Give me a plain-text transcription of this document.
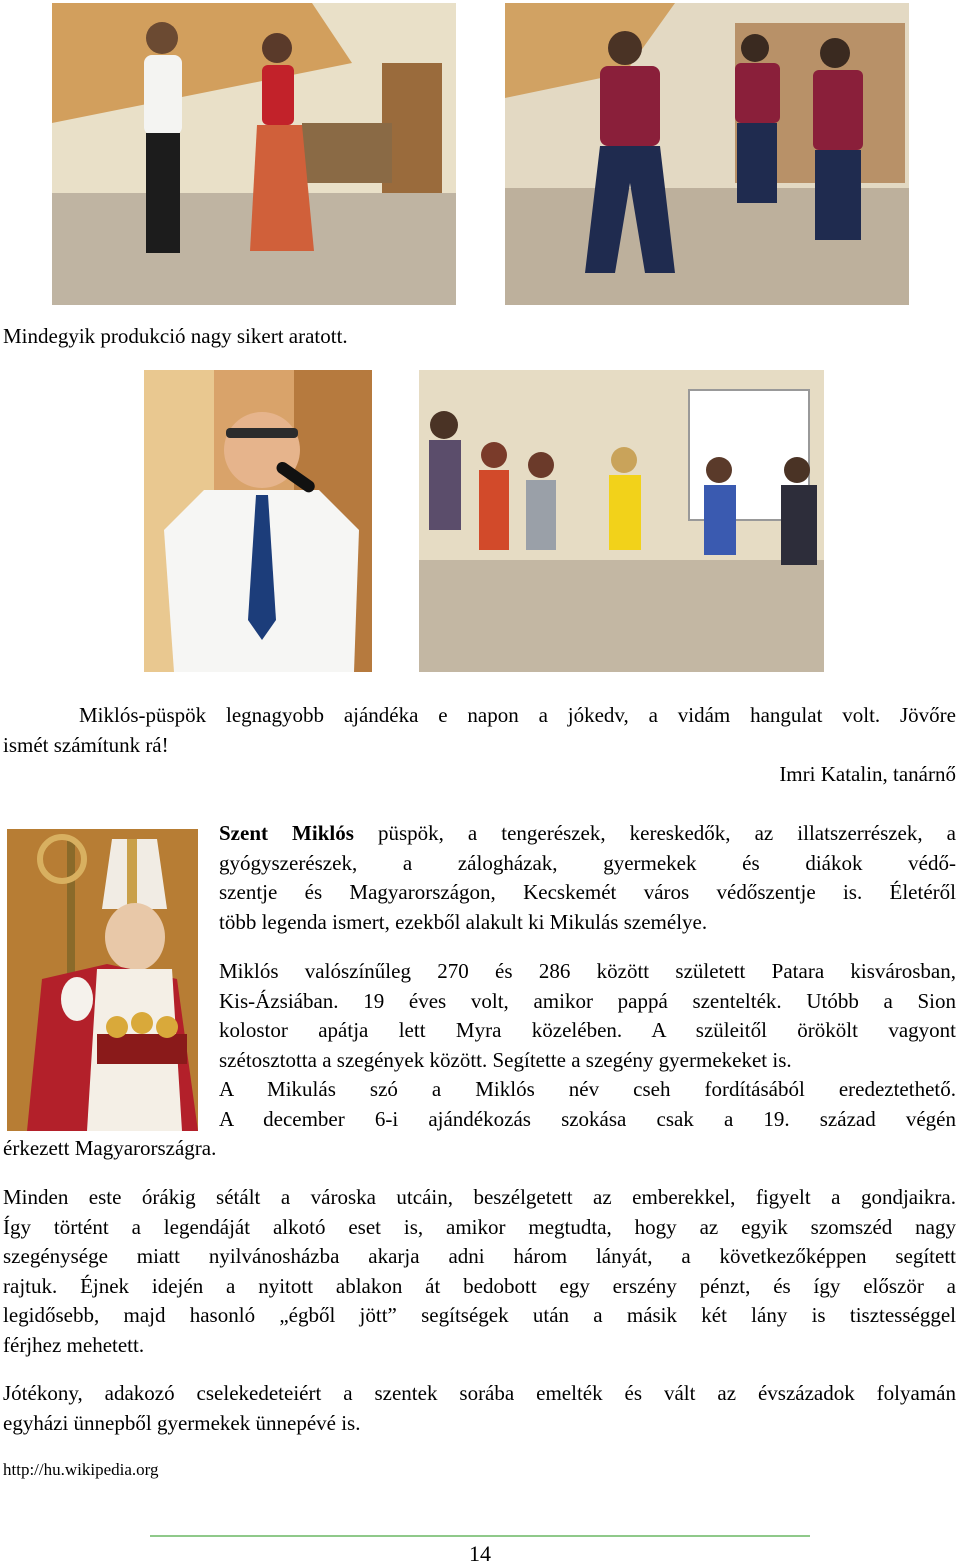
Mindegyik produkció nagy sikert aratott.
Miklós-püspök legnagyobb ajándéka e napon a jókedv, a vidám hangulat volt. Jövőre
ismét számítunk rá!
Imri Katalin, tanárnő
Szent Miklós püspök, a tengerészek, kereskedők, az illatszerrészek, a
gyógyszerészek, a zálogházak, gyermekek és diákok védő-
szentje és Magyarországon, Kecskemét város védőszentje is. Életéről
több legenda ismert, ezekből alakult ki Mikulás személye.
Miklós valószínűleg 270 és 286 között született Patara kisvárosban,
Kis-Ázsiában. 19 éves volt, amikor pappá szentelték. Utóbb a Sion
kolostor apátja lett Myra közelében. A szüleitől örökölt vagyont
szétosztotta a szegények között. Segítette a szegény gyermekeket is.
A Mikulás szó a Miklós név cseh fordításából eredeztethető.
A december 6-i ajándékozás szokása csak a 19. század végén
érkezett Magyarországra.
Minden este órákig sétált a városka utcáin, beszélgetett az emberekkel, figyelt a gondjaikra.
Így történt a legendáját alkotó eset is, amikor megtudta, hogy az egyik szomszéd nagy
szegénysége miatt nyilvánosházba akarja adni három lányát, a következőképpen segített
rajtuk. Éjnek idején a nyitott ablakon át bedobott egy erszény pénzt, és így először a
legidősebb, majd hasonló „égből jött” segítségek után a másik két lány is tisztességgel
férjhez mehetett.
Jótékony, adakozó cselekedeteiért a szentek sorába emelték és vált az évszázadok folyamán
egyházi ünnepből gyermekek ünnepévé is.
http://hu.wikipedia.org
14
